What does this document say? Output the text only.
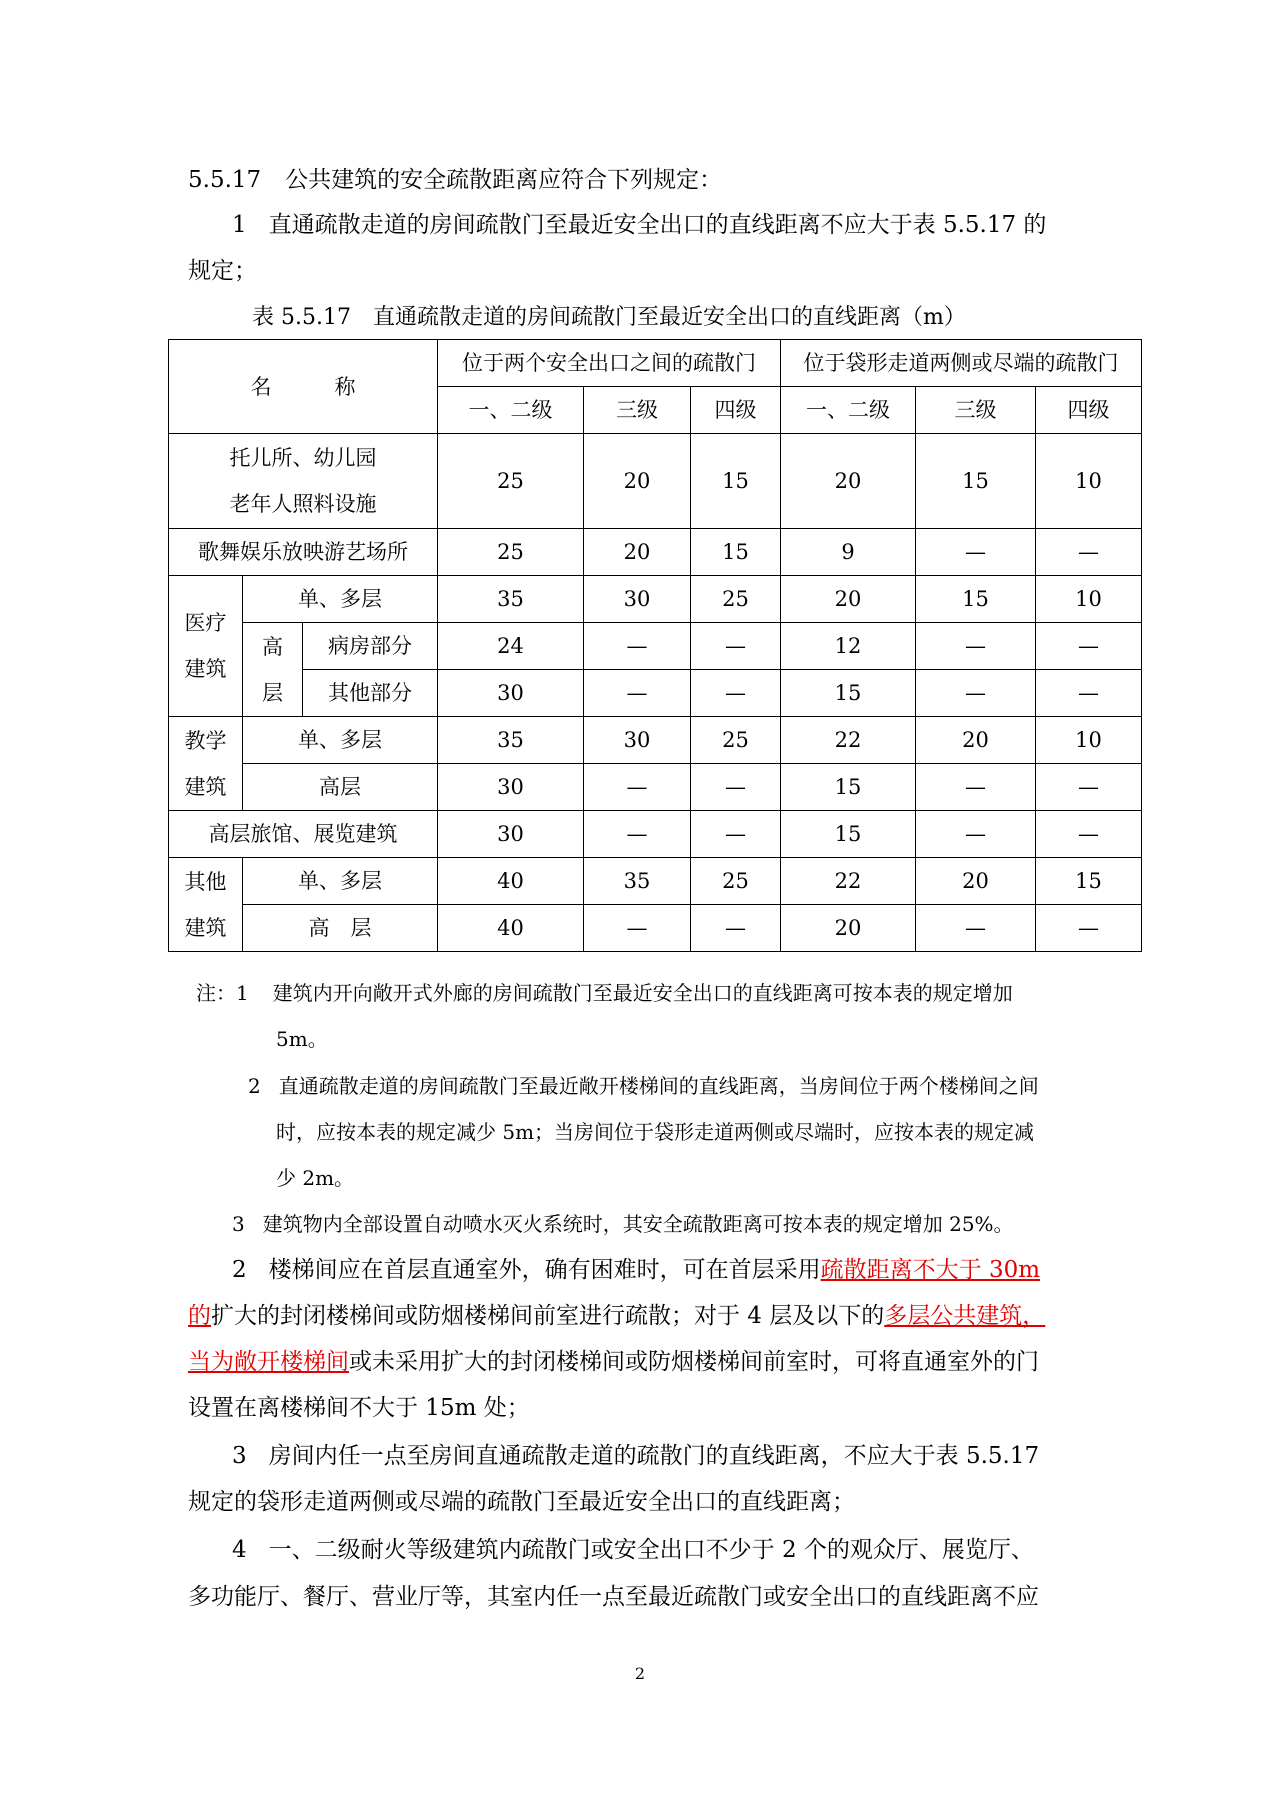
5.5.17 公共建筑的安全疏散距离应符合下列规定：
1 直通疏散走道的房间疏散门至最近安全出口的直线距离不应大于表 5.5.17 的
规定；
表 5.5.17　直通疏散走道的房间疏散门至最近安全出口的直线距离（m）
名　　　称			位于两个安全出口之间的疏散门			位于袋形走道两侧或尽端的疏散门		
			一、二级	三级	四级	一、二级	三级	四级

托儿所、幼儿园
老年人照料设施			25	20	15	20	15	10
歌舞娱乐放映游艺场所			25	20	15	9	—	—

医疗
建筑	单、多层		35	30	25	20	15	10

	高
层	病房部分	24	—	—	12	—	—
		其他部分	30	—	—	15	—	—

教学
建筑	单、多层		35	30	25	22	20	10
	高层		30	—	—	15	—	—
高层旅馆、展览建筑			30	—	—	15	—	—

其他
建筑	单、多层		40	35	25	22	20	15
	高　层		40	—	—	20	—	—
注：1 建筑内开向敞开式外廊的房间疏散门至最近安全出口的直线距离可按本表的规定增加
5m。
2 直通疏散走道的房间疏散门至最近敞开楼梯间的直线距离，当房间位于两个楼梯间之间
时，应按本表的规定减少 5m；当房间位于袋形走道两侧或尽端时，应按本表的规定减
少 2m。
3 建筑物内全部设置自动喷水灭火系统时，其安全疏散距离可按本表的规定增加 25%。
2 楼梯间应在首层直通室外，确有困难时，可在首层采用疏散距离不大于 30m
的扩大的封闭楼梯间或防烟楼梯间前室进行疏散；对于 4 层及以下的多层公共建筑，
当为敞开楼梯间或未采用扩大的封闭楼梯间或防烟楼梯间前室时，可将直通室外的门
设置在离楼梯间不大于 15m 处；
3 房间内任一点至房间直通疏散走道的疏散门的直线距离，不应大于表 5.5.17
规定的袋形走道两侧或尽端的疏散门至最近安全出口的直线距离；
4 一、二级耐火等级建筑内疏散门或安全出口不少于 2 个的观众厅、展览厅、
多功能厅、餐厅、营业厅等，其室内任一点至最近疏散门或安全出口的直线距离不应
2
